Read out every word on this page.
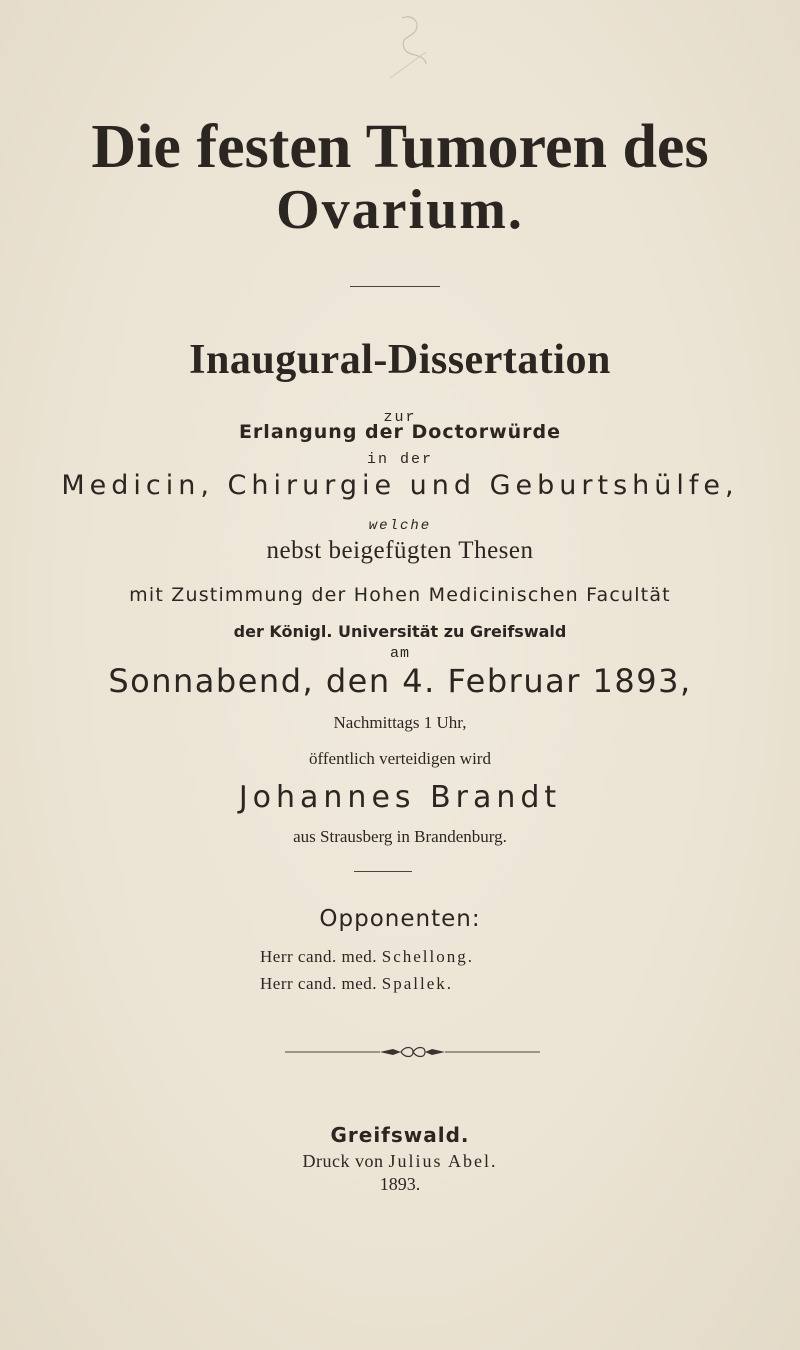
Die festen Tumoren des
Ovarium.
Inaugural-Dissertation
zur
Erlangung der Doctorwürde
in der
Medicin, Chirurgie und Geburtshülfe,
welche
nebst beigefügten Thesen
mit Zustimmung der Hohen Medicinischen Facultät
der Königl. Universität zu Greifswald
am
Sonnabend, den 4. Februar 1893,
Nachmittags 1 Uhr,
öffentlich verteidigen wird
Johannes Brandt
aus Strausberg in Brandenburg.
Opponenten:
Herr cand. med. Schellong.
Herr cand. med. Spallek.
Greifswald.
Druck von Julius Abel.
1893.
